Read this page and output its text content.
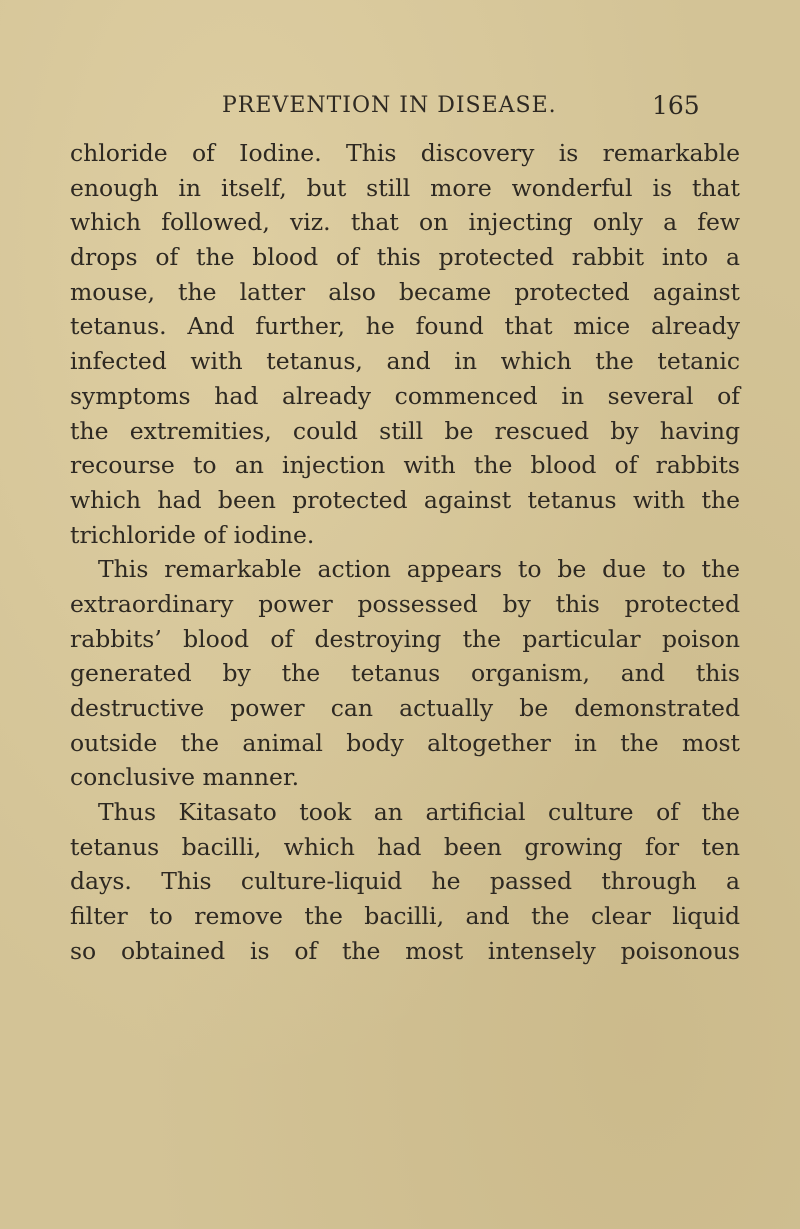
PREVENTION IN DISEASE.	165
chloride of Iodine. This discovery is remarkable
enough in itself, but still more wonderful is that
which followed, viz. that on injecting only a few
drops of the blood of this protected rabbit into a
mouse, the latter also became protected against
tetanus. And further, he found that mice already
infected with tetanus, and in which the tetanic
symptoms had already commenced in several of
the extremities, could still be rescued by having
recourse to an injection with the blood of rabbits
which had been protected against tetanus with the
trichloride of iodine.
This remarkable action appears to be due to the
extraordinary power possessed by this protected
rabbits’ blood of destroying the particular poison
generated by the tetanus organism, and this
destructive power can actually be demonstrated
outside the animal body altogether in the most
conclusive manner.
Thus Kitasato took an artificial culture of the
tetanus bacilli, which had been growing for ten
days. This culture-liquid he passed through a
filter to remove the bacilli, and the clear liquid
so obtained is of the most intensely poisonous
